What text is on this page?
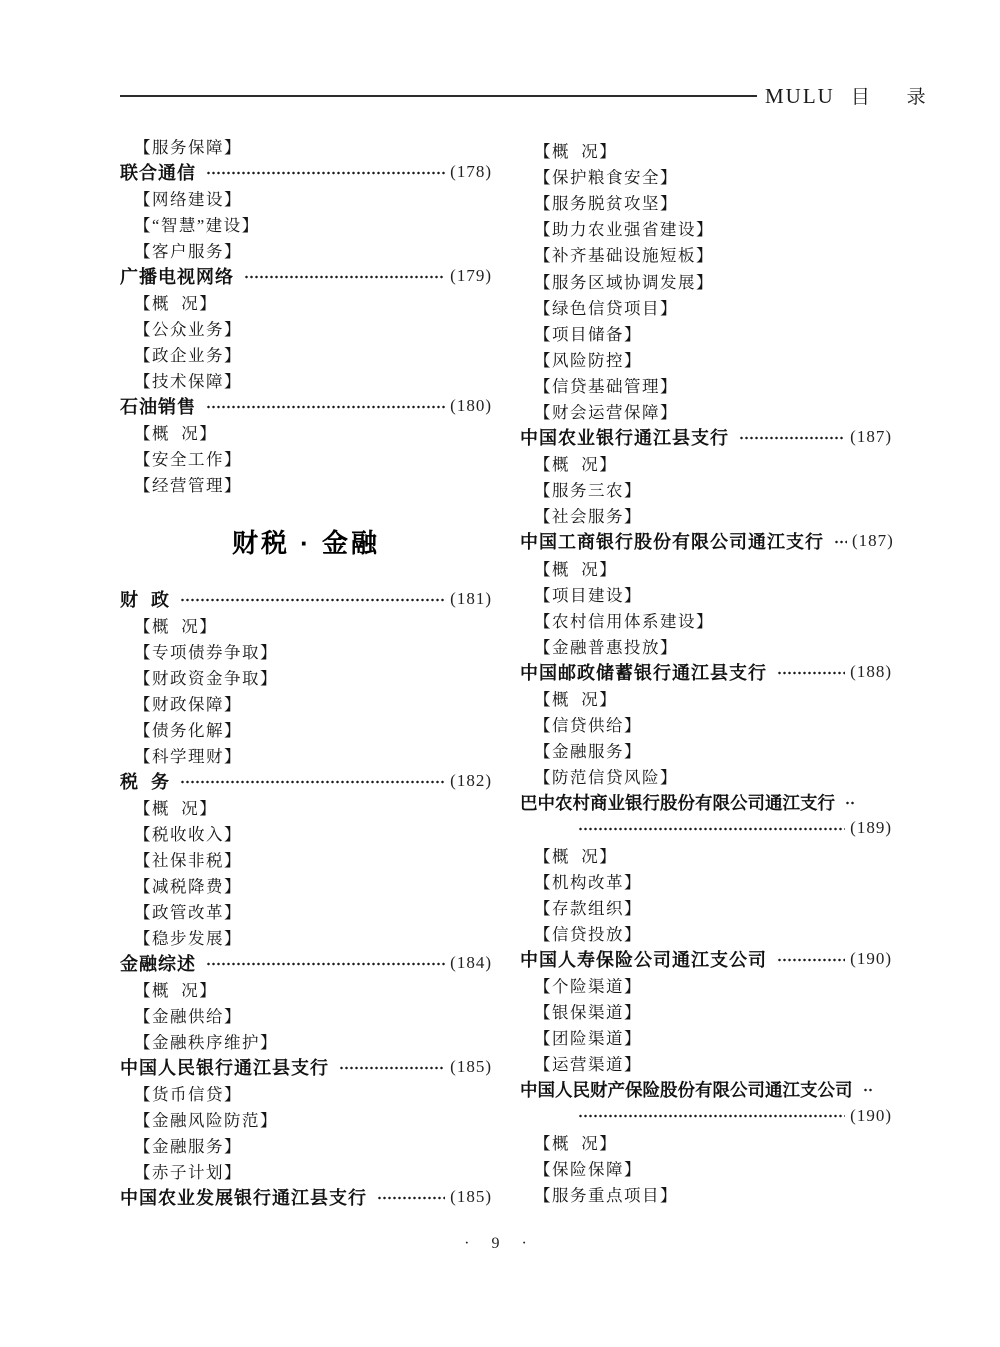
MULU 目 录
【服务保障】
联合通信	(178)
【网络建设】
【“智慧”建设】
【客户服务】
广播电视网络	(179)
【概  况】
【公众业务】
【政企业务】
【技术保障】
石油销售	(180)
【概  况】
【安全工作】
【经营管理】
财税 · 金融
财  政	(181)
【概  况】
【专项债券争取】
【财政资金争取】
【财政保障】
【债务化解】
【科学理财】
税  务	(182)
【概  况】
【税收收入】
【社保非税】
【减税降费】
【政管改革】
【稳步发展】
金融综述	(184)
【概  况】
【金融供给】
【金融秩序维护】
中国人民银行通江县支行	(185)
【货币信贷】
【金融风险防范】
【金融服务】
【赤子计划】
中国农业发展银行通江县支行	(185)
【概  况】
【保护粮食安全】
【服务脱贫攻坚】
【助力农业强省建设】
【补齐基础设施短板】
【服务区域协调发展】
【绿色信贷项目】
【项目储备】
【风险防控】
【信贷基础管理】
【财会运营保障】
中国农业银行通江县支行	(187)
【概  况】
【服务三农】
【社会服务】
中国工商银行股份有限公司通江支行 (187)
【概  况】
【项目建设】
【农村信用体系建设】
【金融普惠投放】
中国邮政储蓄银行通江县支行	(188)
【概  况】
【信贷供给】
【金融服务】
【防范信贷风险】
巴中农村商业银行股份有限公司通江支行
(189)
【概  况】
【机构改革】
【存款组织】
【信贷投放】
中国人寿保险公司通江支公司	(190)
【个险渠道】
【银保渠道】
【团险渠道】
【运营渠道】
中国人民财产保险股份有限公司通江支公司
(190)
【概  况】
【保险保障】
【服务重点项目】
· 9 ·
